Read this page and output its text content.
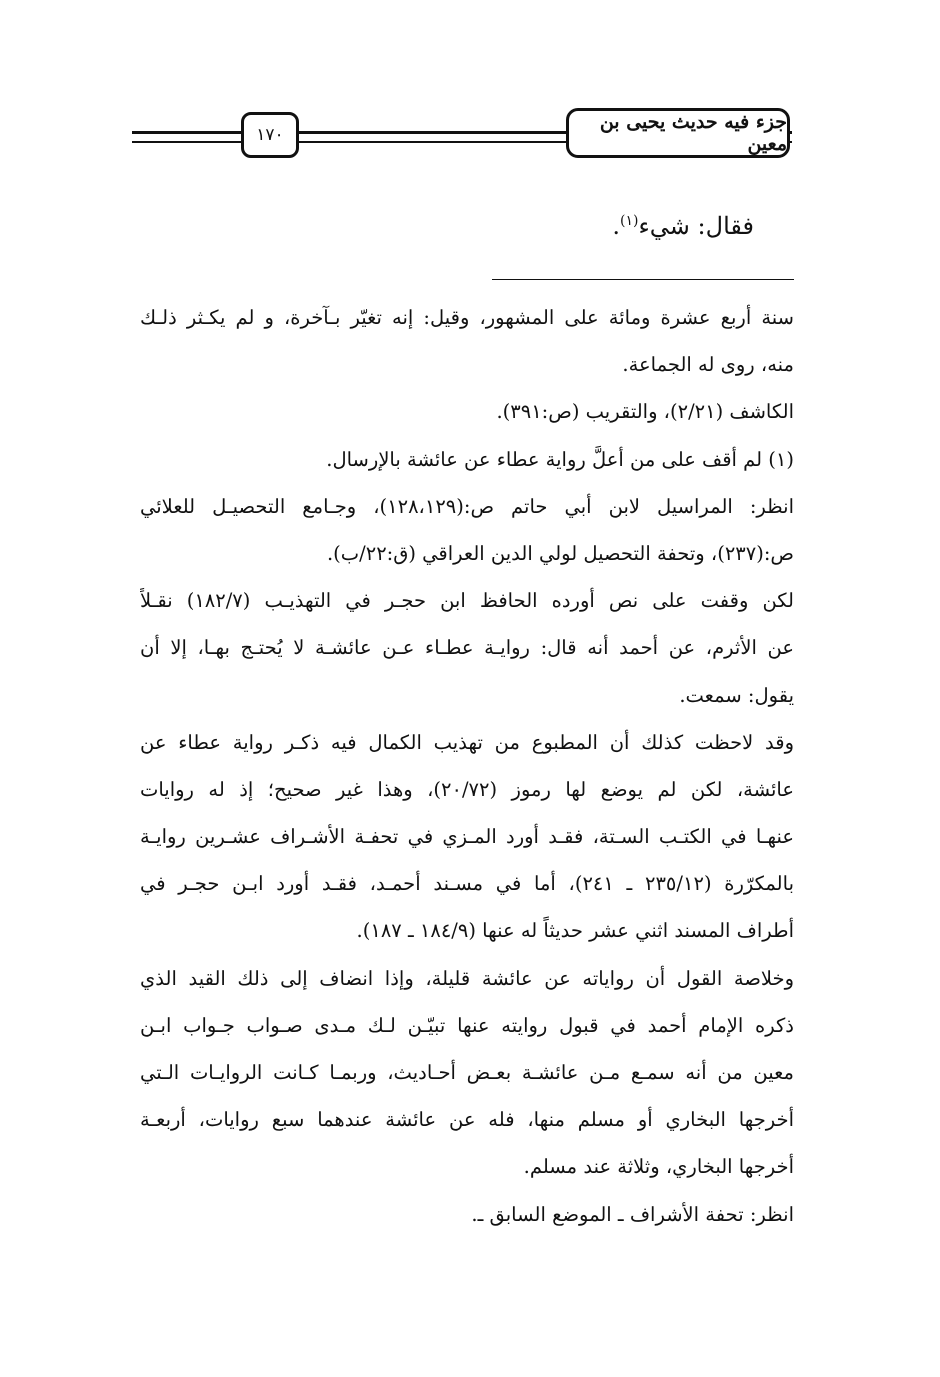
جزء فيه حديث يحيى بن معين
١٧٠
فقال: شيء$^{(١)}$.
سنة أربع عشرة ومائة على المشهور، وقيل: إنه تغيّر بـآخرة، و لم يكـثر ذلـك
منه، روى له الجماعة.
الكاشف (٢/٢١)، والتقريب (ص:٣٩١).
(١) لم أقف على من أعلَّ رواية عطاء عن عائشة بالإرسال.
انظر: المراسيل لابن أبي حاتم ص:(١٢٨،١٢٩)، وجـامع التحصيـل للعلائي
ص:(٢٣٧)، وتحفة التحصيل لولي الدين العراقي (ق:٢٢/ب).
لكن وقفت على نص أورده الحافظ ابن حجـر في التهذيـب (١٨٢/٧) نقـلاً
عن الأثرم، عن أحمد أنه قال: روايـة عطـاء عـن عائشـة لا يُحتـج بهـا، إلا أن
يقول: سمعت.
وقد لاحظت كذلك أن المطبوع من تهذيب الكمال فيه ذكـر رواية عطاء عن
عائشة، لكن لم يوضع لها رموز (٢٠/٧٢)، وهذا غير صحيح؛ إذ له روايات
عنهـا في الكتـب السـتة، فقـد أورد المـزي في تحفـة الأشـراف عشـرين روايـة
بالمكرّرة (٢٣٥/١٢ ـ ٢٤١)، أما في مسـند أحمـد، فقـد أورد ابـن حجـر في
أطراف المسند اثني عشر حديثاً له عنها (١٨٤/٩ ـ ١٨٧).
وخلاصة القول أن رواياته عن عائشة قليلة، وإذا انضاف إلى ذلك القيد الذي
ذكره الإمام أحمد في قبول روايته عنها تبيّـن لـك مـدى صـواب جـواب ابـن
معين من أنه سمـع مـن عائشـة بعـض أحـاديث، وربمـا كـانت الروايـات الـتي
أخرجها البخاري أو مسلم منها، فله عن عائشة عندهما سبع روايات، أربعـة
أخرجها البخاري، وثلاثة عند مسلم.
انظر: تحفة الأشراف ـ الموضع السابق ـ.
